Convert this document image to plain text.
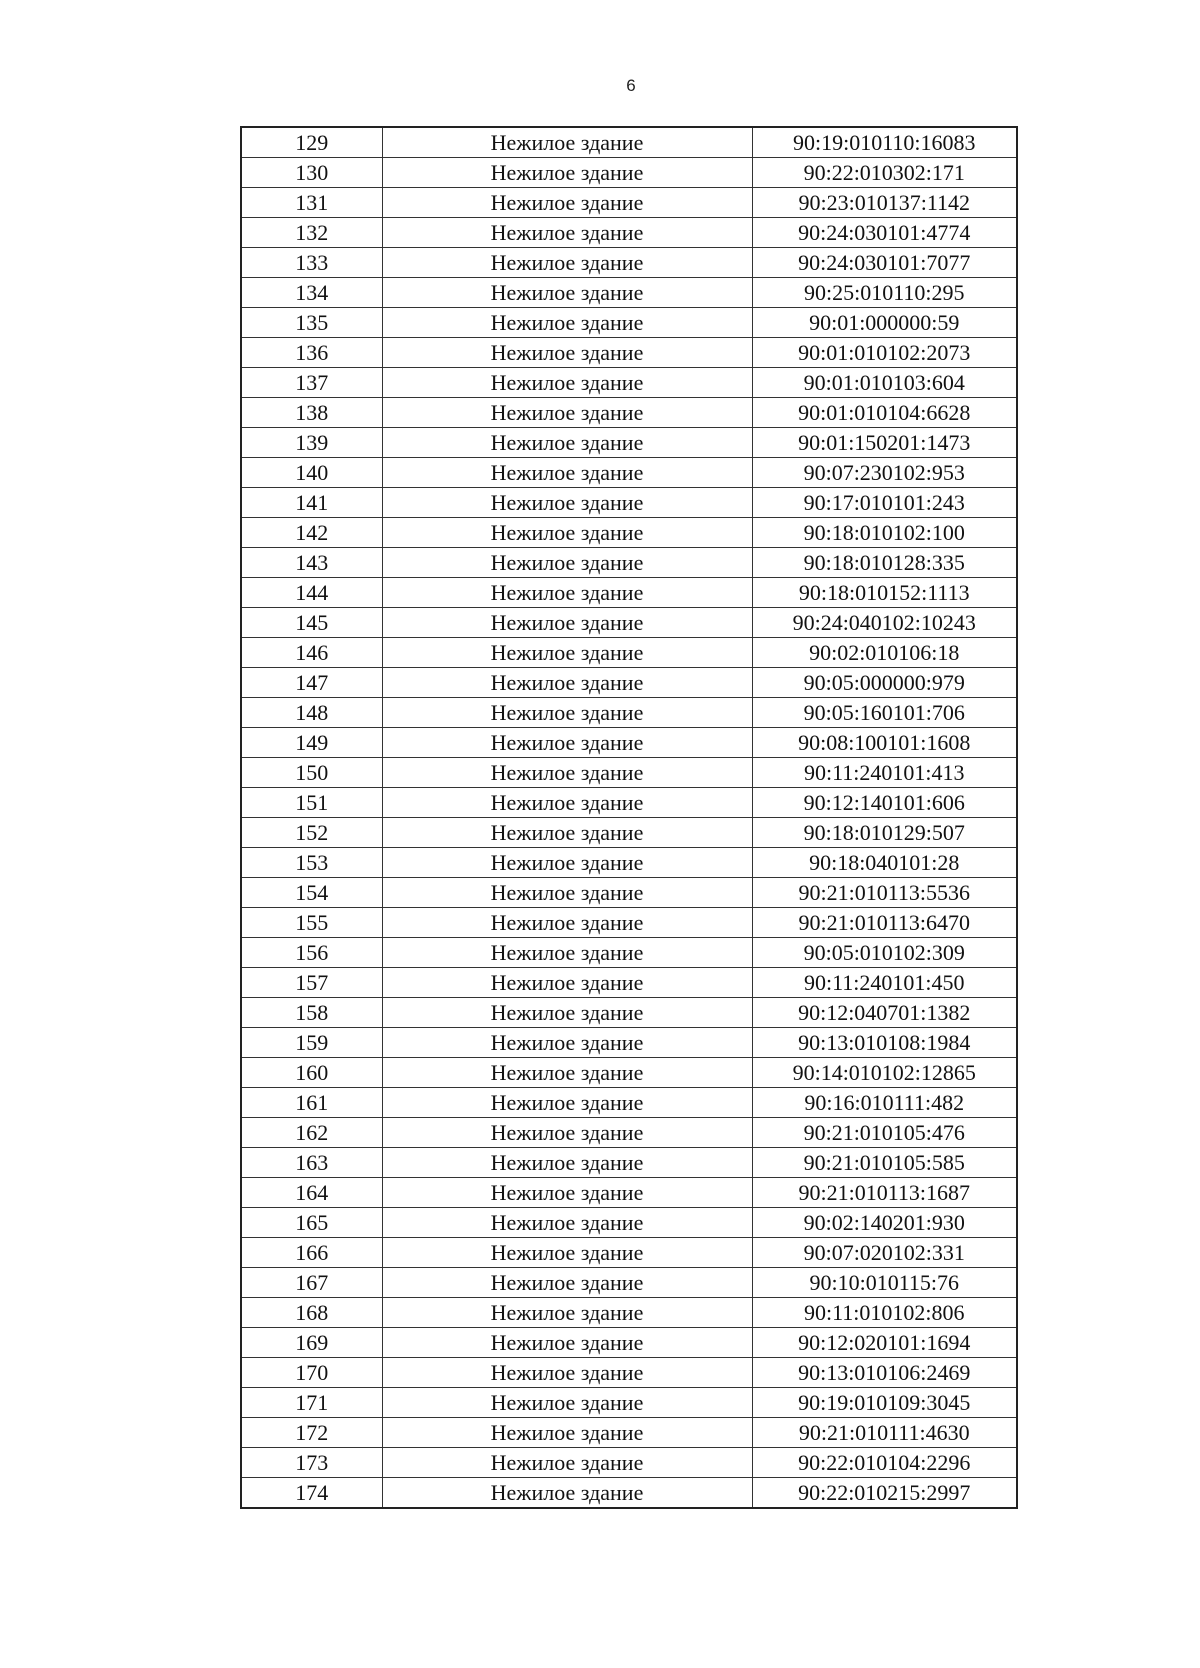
6
129	Нежилое здание	90:19:010110:16083
130	Нежилое здание	90:22:010302:171
131	Нежилое здание	90:23:010137:1142
132	Нежилое здание	90:24:030101:4774
133	Нежилое здание	90:24:030101:7077
134	Нежилое здание	90:25:010110:295
135	Нежилое здание	90:01:000000:59
136	Нежилое здание	90:01:010102:2073
137	Нежилое здание	90:01:010103:604
138	Нежилое здание	90:01:010104:6628
139	Нежилое здание	90:01:150201:1473
140	Нежилое здание	90:07:230102:953
141	Нежилое здание	90:17:010101:243
142	Нежилое здание	90:18:010102:100
143	Нежилое здание	90:18:010128:335
144	Нежилое здание	90:18:010152:1113
145	Нежилое здание	90:24:040102:10243
146	Нежилое здание	90:02:010106:18
147	Нежилое здание	90:05:000000:979
148	Нежилое здание	90:05:160101:706
149	Нежилое здание	90:08:100101:1608
150	Нежилое здание	90:11:240101:413
151	Нежилое здание	90:12:140101:606
152	Нежилое здание	90:18:010129:507
153	Нежилое здание	90:18:040101:28
154	Нежилое здание	90:21:010113:5536
155	Нежилое здание	90:21:010113:6470
156	Нежилое здание	90:05:010102:309
157	Нежилое здание	90:11:240101:450
158	Нежилое здание	90:12:040701:1382
159	Нежилое здание	90:13:010108:1984
160	Нежилое здание	90:14:010102:12865
161	Нежилое здание	90:16:010111:482
162	Нежилое здание	90:21:010105:476
163	Нежилое здание	90:21:010105:585
164	Нежилое здание	90:21:010113:1687
165	Нежилое здание	90:02:140201:930
166	Нежилое здание	90:07:020102:331
167	Нежилое здание	90:10:010115:76
168	Нежилое здание	90:11:010102:806
169	Нежилое здание	90:12:020101:1694
170	Нежилое здание	90:13:010106:2469
171	Нежилое здание	90:19:010109:3045
172	Нежилое здание	90:21:010111:4630
173	Нежилое здание	90:22:010104:2296
174	Нежилое здание	90:22:010215:2997
